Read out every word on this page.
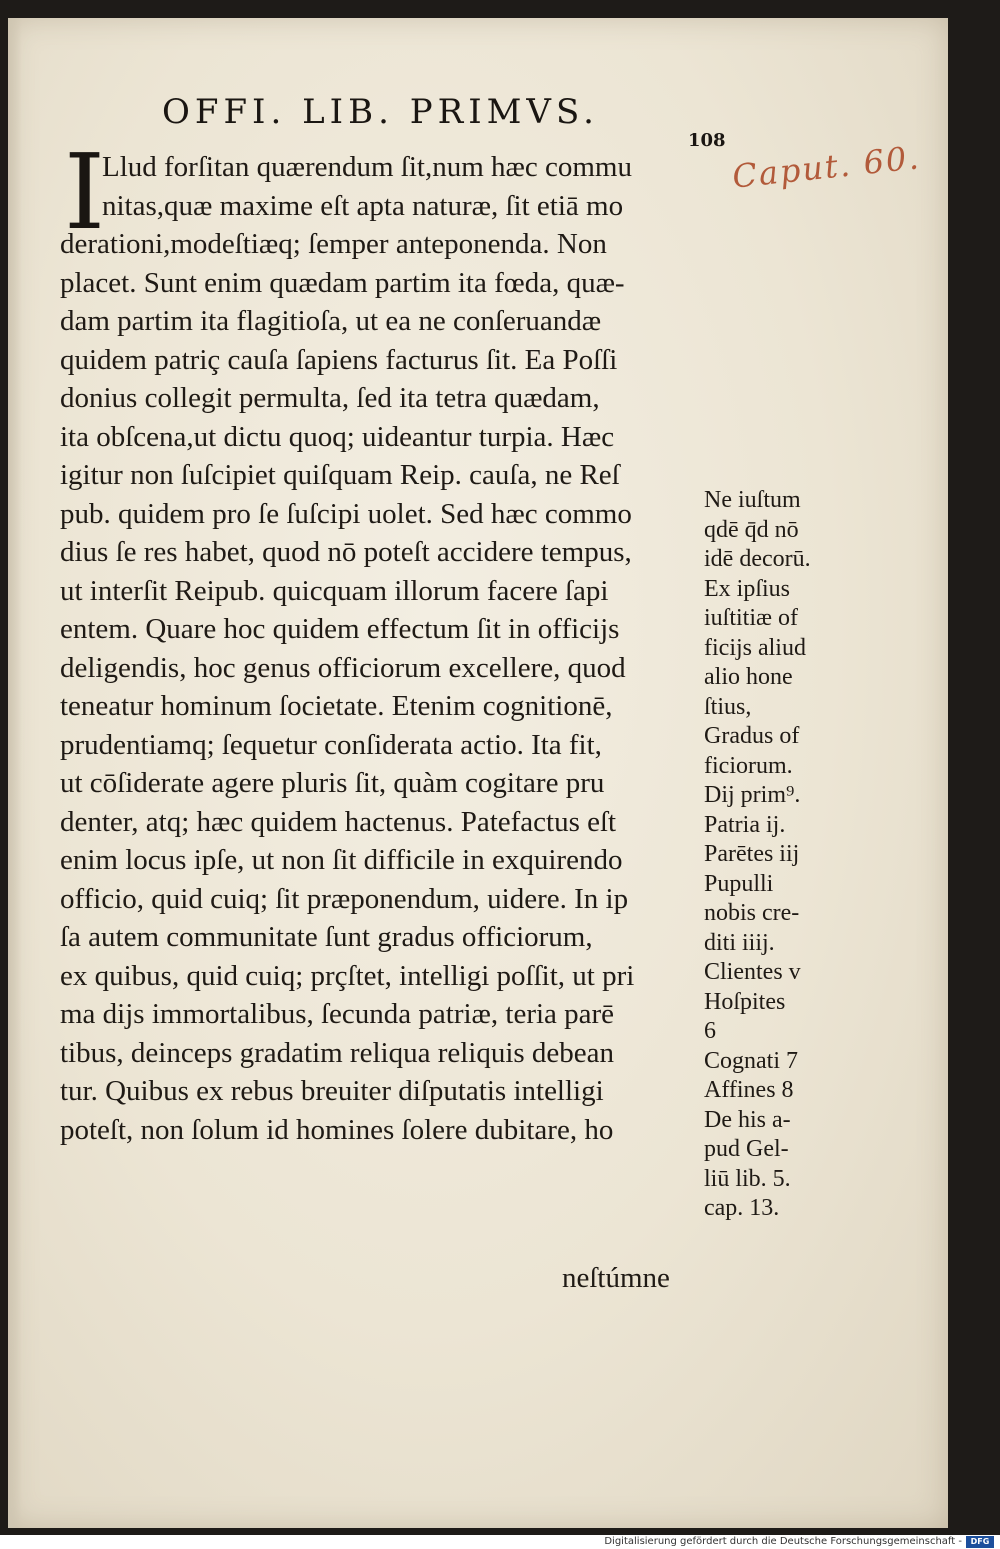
OFFI. LIB. PRIMVS.
108 Caput. 60.
I
Llud forſitan quærendum ſit,num hæc commu
nitas,quæ maxime eſt apta naturæ, ſit etiā mo
derationi,modeſtiæq; ſemper anteponenda. Non
placet. Sunt enim quædam partim ita fœda, quæ-
dam partim ita flagitioſa, ut ea ne conſeruandæ
quidem patriç cauſa ſapiens facturus ſit. Ea Poſſi
donius collegit permulta, ſed ita tetra quædam,
ita obſcena,ut dictu quoq; uideantur turpia. Hæc
igitur non ſuſcipiet quiſquam Reip. cauſa, ne Reſ
pub. quidem pro ſe ſuſcipi uolet. Sed hæc commo
dius ſe res habet, quod nō poteſt accidere tempus,
ut interſit Reipub. quicquam illorum facere ſapi
entem. Quare hoc quidem effectum ſit in officijs
deligendis, hoc genus officiorum excellere, quod
teneatur hominum ſocietate. Etenim cognitionē,
prudentiamq; ſequetur conſiderata actio. Ita fit,
ut cōſiderate agere pluris ſit, quàm cogitare pru
denter, atq; hæc quidem hactenus. Patefactus eſt
enim locus ipſe, ut non ſit difficile in exquirendo
officio, quid cuiq; ſit præponendum, uidere. In ip
ſa autem communitate ſunt gradus officiorum,
ex quibus, quid cuiq; prçſtet, intelligi poſſit, ut pri
ma dijs immortalibus, ſecunda patriæ, teria parē
tibus, deinceps gradatim reliqua reliquis debean
tur. Quibus ex rebus breuiter diſputatis intelligi
poteſt, non ſolum id homines ſolere dubitare, ho
neſtúmne
Ne iuſtum
qdē q̄d nō
idē decorū.
Ex ipſius
iuſtitiæ of
ficijs aliud
alio hone
ſtius,
Gradus of
ficiorum.
Dij prim⁹.
Patria ij.
Parētes iij
Pupulli
nobis cre-
diti iiij.
Clientes v
Hoſpites
6
Cognati 7
Affines 8
De his a-
pud Gel-
liū lib. 5.
cap. 13.
Digitalisierung gefördert durch die Deutsche Forschungsgemeinschaft -	DFG
